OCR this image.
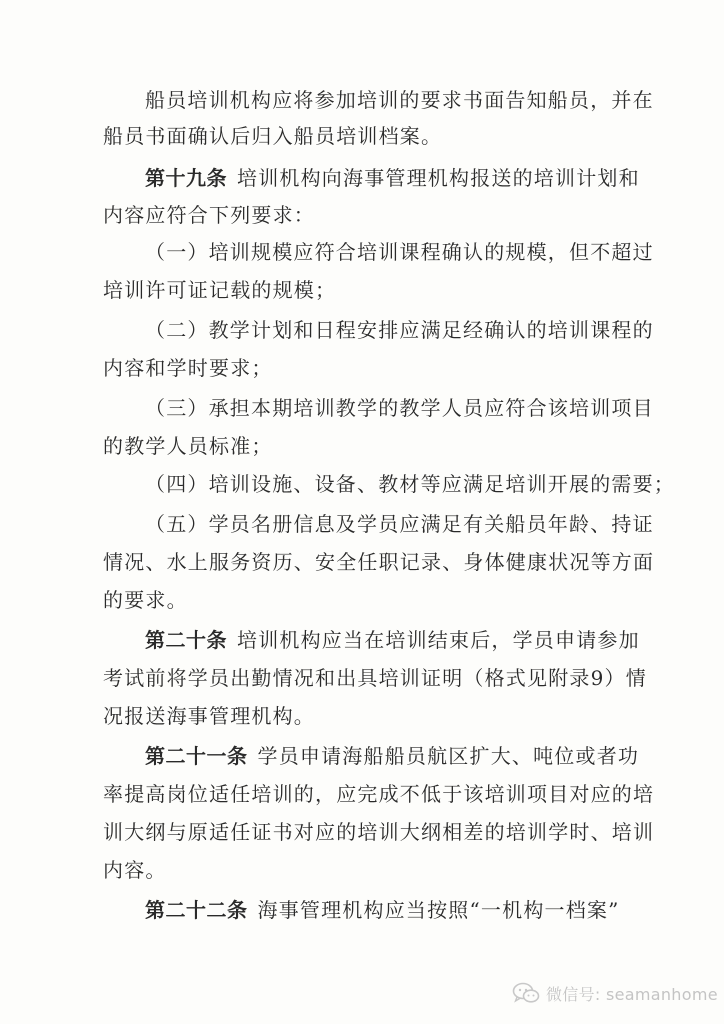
船员培训机构应将参加培训的要求书面告知船员，并在
船员书面确认后归入船员培训档案。
第十九条 培训机构向海事管理机构报送的培训计划和
内容应符合下列要求：
（一）培训规模应符合培训课程确认的规模，但不超过
培训许可证记载的规模；
（二）教学计划和日程安排应满足经确认的培训课程的
内容和学时要求；
（三）承担本期培训教学的教学人员应符合该培训项目
的教学人员标准；
（四）培训设施、设备、教材等应满足培训开展的需要；
（五）学员名册信息及学员应满足有关船员年龄、持证
情况、水上服务资历、安全任职记录、身体健康状况等方面
的要求。
第二十条 培训机构应当在培训结束后，学员申请参加
考试前将学员出勤情况和出具培训证明（格式见附录9）情
况报送海事管理机构。
第二十一条 学员申请海船船员航区扩大、吨位或者功
率提高岗位适任培训的，应完成不低于该培训项目对应的培
训大纲与原适任证书对应的培训大纲相差的培训学时、培训
内容。
第二十二条 海事管理机构应当按照“一机构一档案”
微信号: seamanhome
